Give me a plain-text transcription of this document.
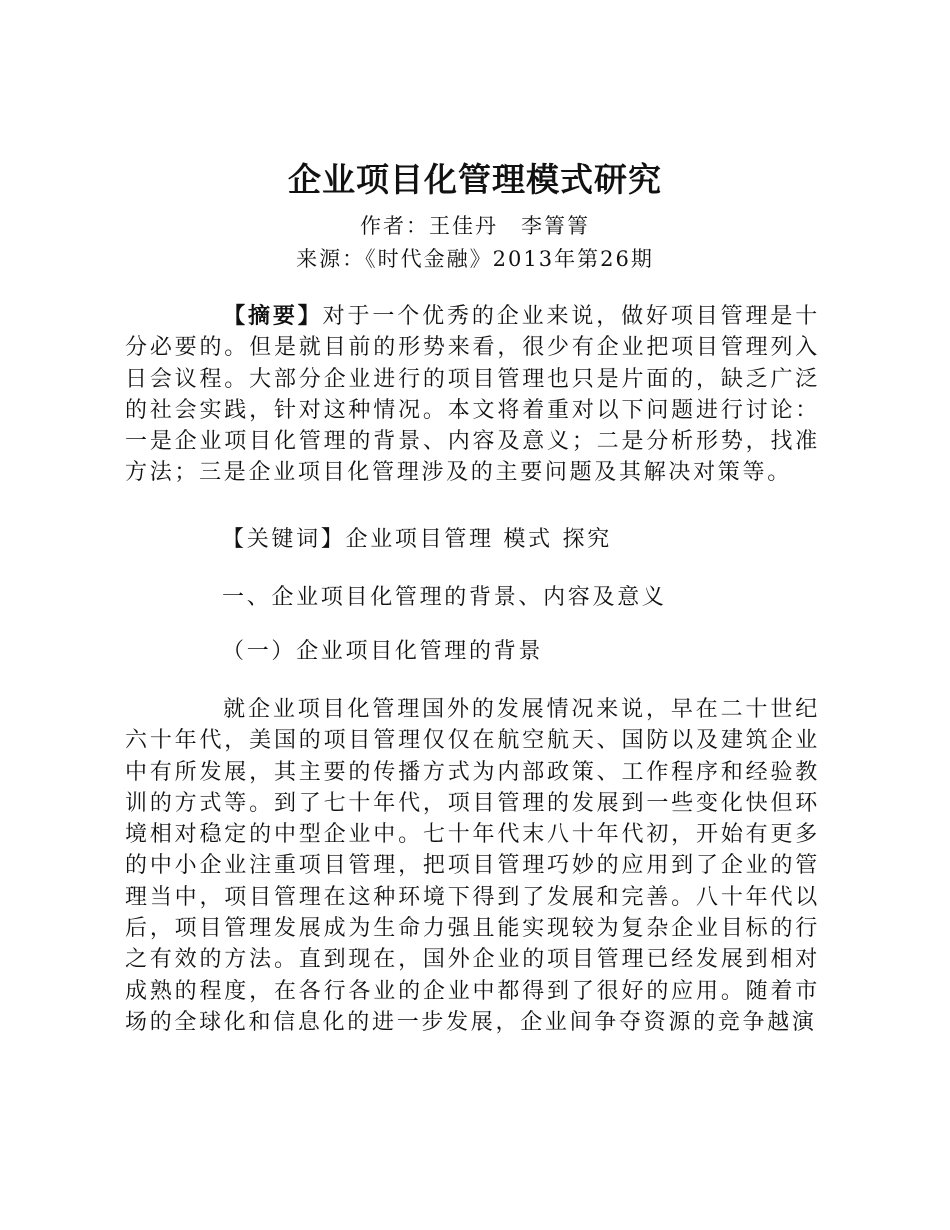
企业项目化管理模式研究
作者：王佳丹　李箐箐
来源：《时代金融》2013年第26期

【摘要】对于一个优秀的企业来说，做好项目管理是十分必要的。但是就目前的形势来看，很少有企业把项目管理列入日会议程。大部分企业进行的项目管理也只是片面的，缺乏广泛的社会实践，针对这种情况。本文将着重对以下问题进行讨论：一是企业项目化管理的背景、内容及意义；二是分析形势，找准方法；三是企业项目化管理涉及的主要问题及其解决对策等。

【关键词】企业项目管理 模式 探究
一、企业项目化管理的背景、内容及意义
（一）企业项目化管理的背景

就企业项目化管理国外的发展情况来说，早在二十世纪六十年代，美国的项目管理仅仅在航空航天、国防以及建筑企业中有所发展，其主要的传播方式为内部政策、工作程序和经验教训的方式等。到了七十年代，项目管理的发展到一些变化快但环境相对稳定的中型企业中。七十年代末八十年代初，开始有更多的中小企业注重项目管理，把项目管理巧妙的应用到了企业的管理当中，项目管理在这种环境下得到了发展和完善。八十年代以后，项目管理发展成为生命力强且能实现较为复杂企业目标的行之有效的方法。直到现在，国外企业的项目管理已经发展到相对成熟的程度，在各行各业的企业中都得到了很好的应用。随着市场的全球化和信息化的进一步发展，企业间争夺资源的竞争越演
